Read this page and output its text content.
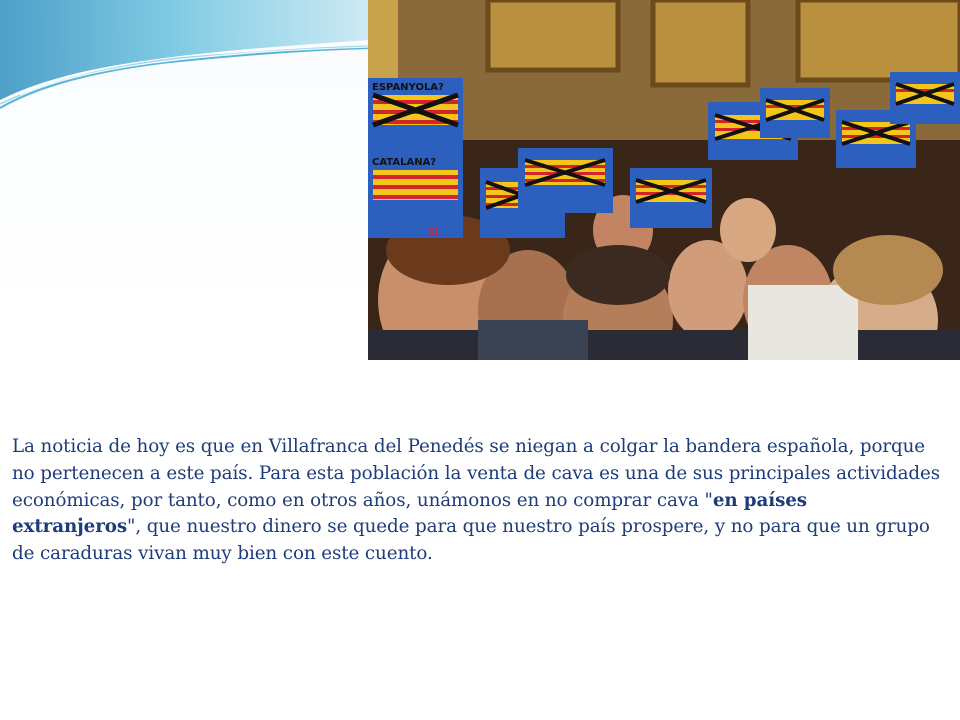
ESPANYOLA?
CATALANA?
SÍ

La noticia de hoy es que en Villafranca del Penedés se niegan a colgar la bandera española, porque no pertenecen a este país. Para esta población la venta de cava es una de sus principales actividades económicas, por tanto, como en otros años, unámonos en no comprar cava "en países extranjeros", que nuestro dinero se quede para que nuestro país prospere, y no para que un grupo de caraduras vivan muy bien con este cuento.
